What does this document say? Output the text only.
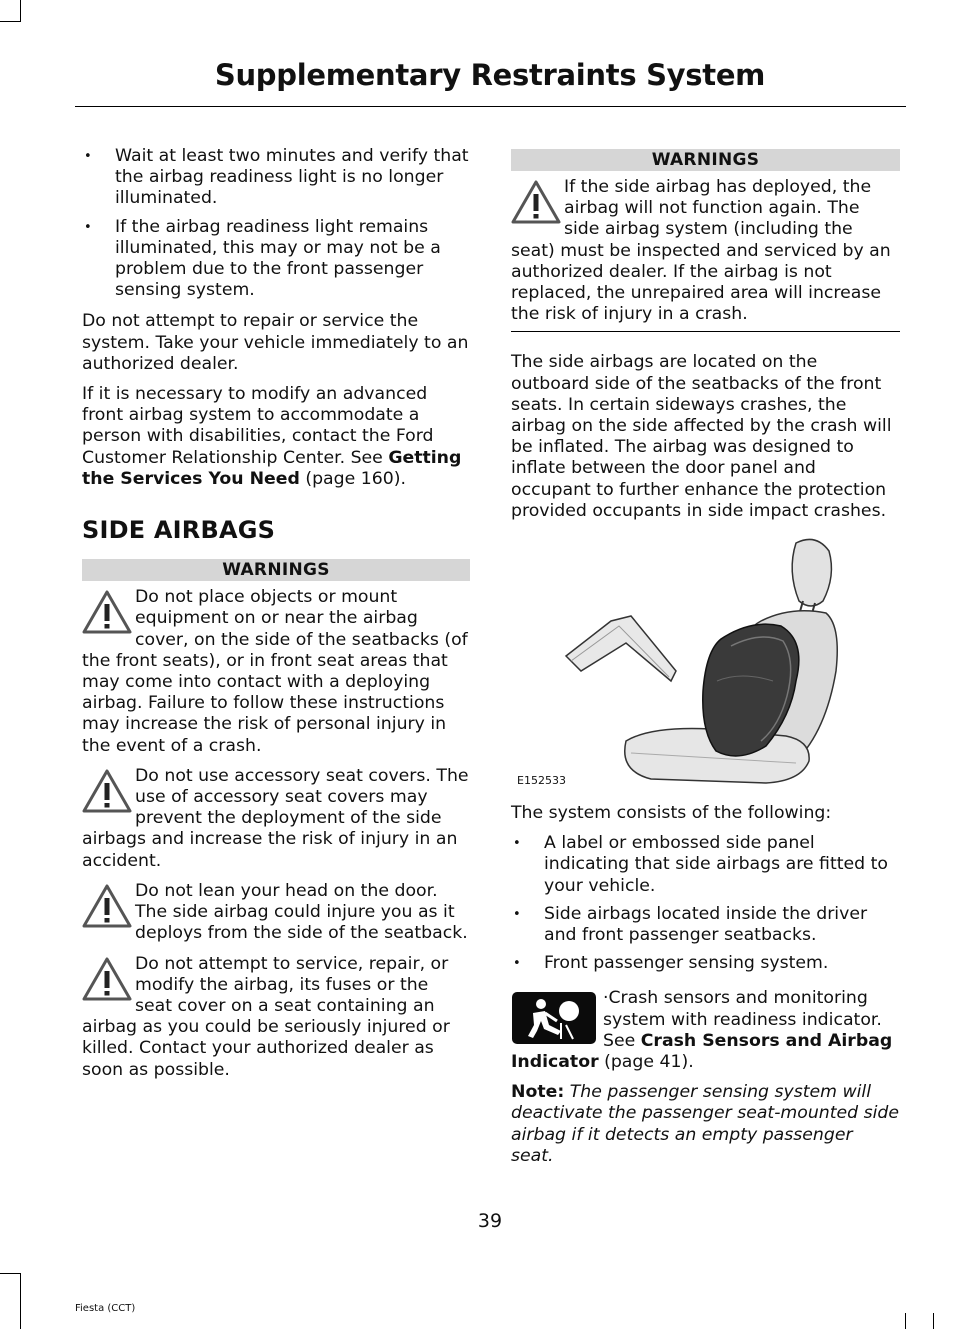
Supplementary Restraints System
• Wait at least two minutes and verify that the airbag readiness light is no longer illuminated.
• If the airbag readiness light remains illuminated, this may or may not be a problem due to the front passenger sensing system.

Do not attempt to repair or service the system. Take your vehicle immediately to an authorized dealer.

If it is necessary to modify an advanced front airbag system to accommodate a person with disabilities, contact the Ford Customer Relationship Center. See Getting the Services You Need (page 160).

SIDE AIRBAGS
WARNINGS
Do not place objects or mount equipment on or near the airbag cover, on the side of the seatbacks (of the front seats), or in front seat areas that may come into contact with a deploying airbag. Failure to follow these instructions may increase the risk of personal injury in the event of a crash.
Do not use accessory seat covers. The use of accessory seat covers may prevent the deployment of the side airbags and increase the risk of injury in an accident.
Do not lean your head on the door. The side airbag could injure you as it deploys from the side of the seatback.
Do not attempt to service, repair, or modify the airbag, its fuses or the seat cover on a seat containing an airbag as you could be seriously injured or killed. Contact your authorized dealer as soon as possible.
WARNINGS
If the side airbag has deployed, the airbag will not function again. The side airbag system (including the seat) must be inspected and serviced by an authorized dealer. If the airbag is not replaced, the unrepaired area will increase the risk of injury in a crash.

The side airbags are located on the outboard side of the seatbacks of the front seats. In certain sideways crashes, the airbag on the side affected by the crash will be inflated. The airbag was designed to inflate between the door panel and occupant to further enhance the protection provided occupants in side impact crashes.

E152533

The system consists of the following:

• A label or embossed side panel indicating that side airbags are fitted to your vehicle.
• Side airbags located inside the driver and front passenger seatbacks.
• Front passenger sensing system.
·Crash sensors and monitoring system with readiness indicator. See Crash Sensors and Airbag Indicator (page 41).

Note: The passenger sensing system will deactivate the passenger seat-mounted side airbag if it detects an empty passenger seat.

39
Fiesta (CCT)
